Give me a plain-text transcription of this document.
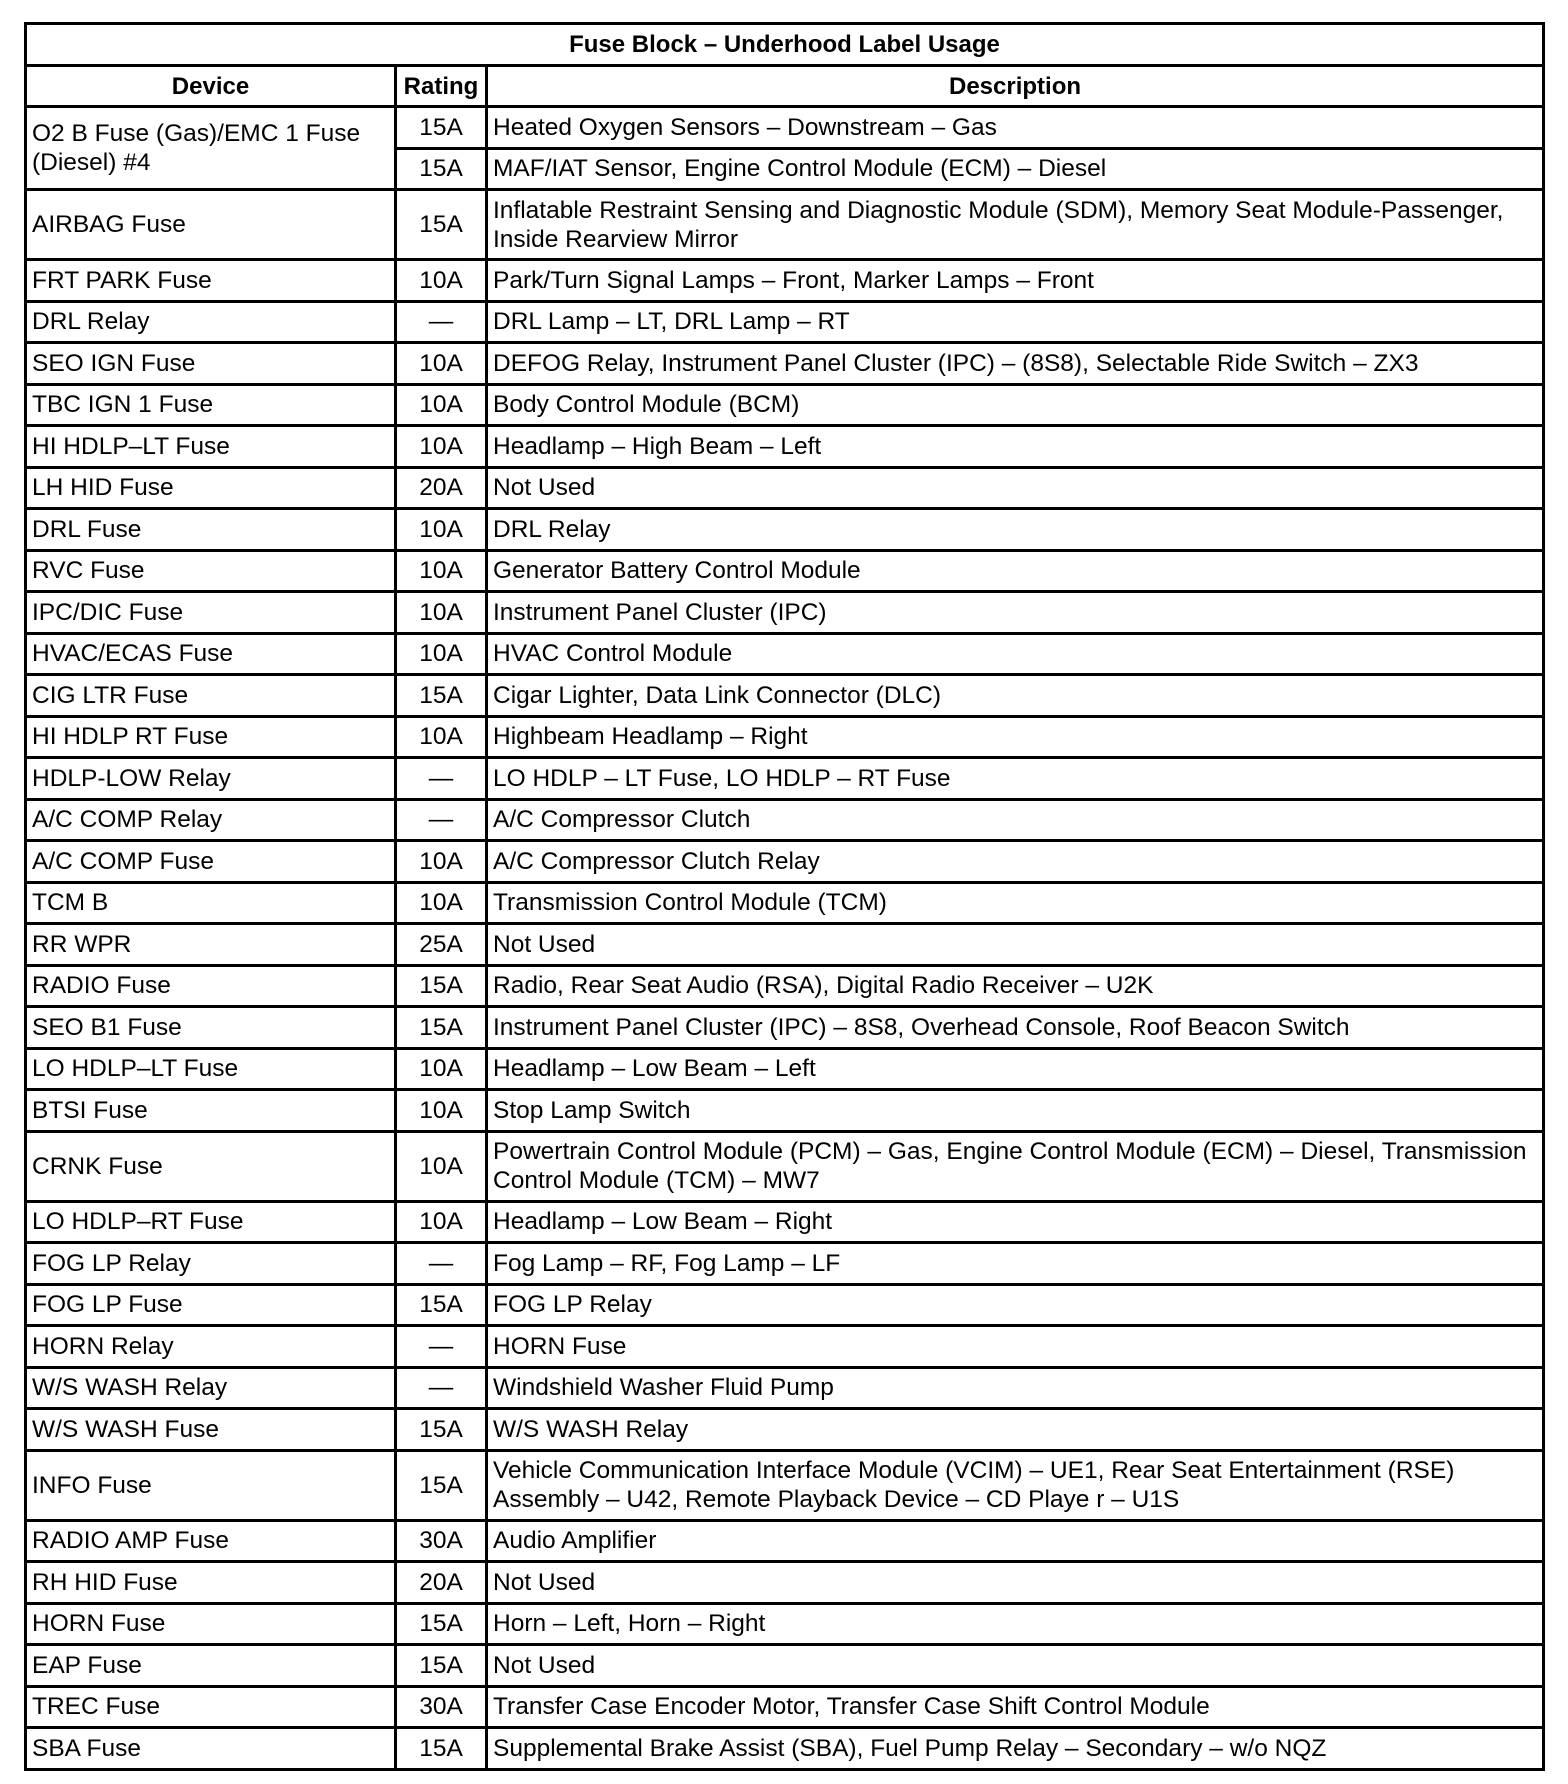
Fuse Block – Underhood Label Usage		
Device	Rating	Description
O2 B Fuse (Gas)/EMC 1 Fuse (Diesel) #4	15A	Heated Oxygen Sensors – Downstream – Gas
	15A	MAF/IAT Sensor, Engine Control Module (ECM) – Diesel
AIRBAG Fuse	15A	Inflatable Restraint Sensing and Diagnostic Module (SDM), Memory Seat Module-Passenger, Inside Rearview Mirror
FRT PARK Fuse	10A	Park/Turn Signal Lamps – Front, Marker Lamps – Front
DRL Relay	—	DRL Lamp – LT, DRL Lamp – RT
SEO IGN Fuse	10A	DEFOG Relay, Instrument Panel Cluster (IPC) – (8S8), Selectable Ride Switch – ZX3
TBC IGN 1 Fuse	10A	Body Control Module (BCM)
HI HDLP–LT Fuse	10A	Headlamp – High Beam – Left
LH HID Fuse	20A	Not Used
DRL Fuse	10A	DRL Relay
RVC Fuse	10A	Generator Battery Control Module
IPC/DIC Fuse	10A	Instrument Panel Cluster (IPC)
HVAC/ECAS Fuse	10A	HVAC Control Module
CIG LTR Fuse	15A	Cigar Lighter, Data Link Connector (DLC)
HI HDLP RT Fuse	10A	Highbeam Headlamp – Right
HDLP-LOW Relay	—	LO HDLP – LT Fuse, LO HDLP – RT Fuse
A/C COMP Relay	—	A/C Compressor Clutch
A/C COMP Fuse	10A	A/C Compressor Clutch Relay
TCM B	10A	Transmission Control Module (TCM)
RR WPR	25A	Not Used
RADIO Fuse	15A	Radio, Rear Seat Audio (RSA), Digital Radio Receiver – U2K
SEO B1 Fuse	15A	Instrument Panel Cluster (IPC) – 8S8, Overhead Console, Roof Beacon Switch
LO HDLP–LT Fuse	10A	Headlamp – Low Beam – Left
BTSI Fuse	10A	Stop Lamp Switch
CRNK Fuse	10A	Powertrain Control Module (PCM) – Gas, Engine Control Module (ECM) – Diesel, Transmission Control Module (TCM) – MW7
LO HDLP–RT Fuse	10A	Headlamp – Low Beam – Right
FOG LP Relay	—	Fog Lamp – RF, Fog Lamp – LF
FOG LP Fuse	15A	FOG LP Relay
HORN Relay	—	HORN Fuse
W/S WASH Relay	—	Windshield Washer Fluid Pump
W/S WASH Fuse	15A	W/S WASH Relay
INFO Fuse	15A	Vehicle Communication Interface Module (VCIM) – UE1, Rear Seat Entertainment (RSE) Assembly – U42, Remote Playback Device – CD Playe r – U1S
RADIO AMP Fuse	30A	Audio Amplifier
RH HID Fuse	20A	Not Used
HORN Fuse	15A	Horn – Left, Horn – Right
EAP Fuse	15A	Not Used
TREC Fuse	30A	Transfer Case Encoder Motor, Transfer Case Shift Control Module
SBA Fuse	15A	Supplemental Brake Assist (SBA), Fuel Pump Relay – Secondary – w/o NQZ
